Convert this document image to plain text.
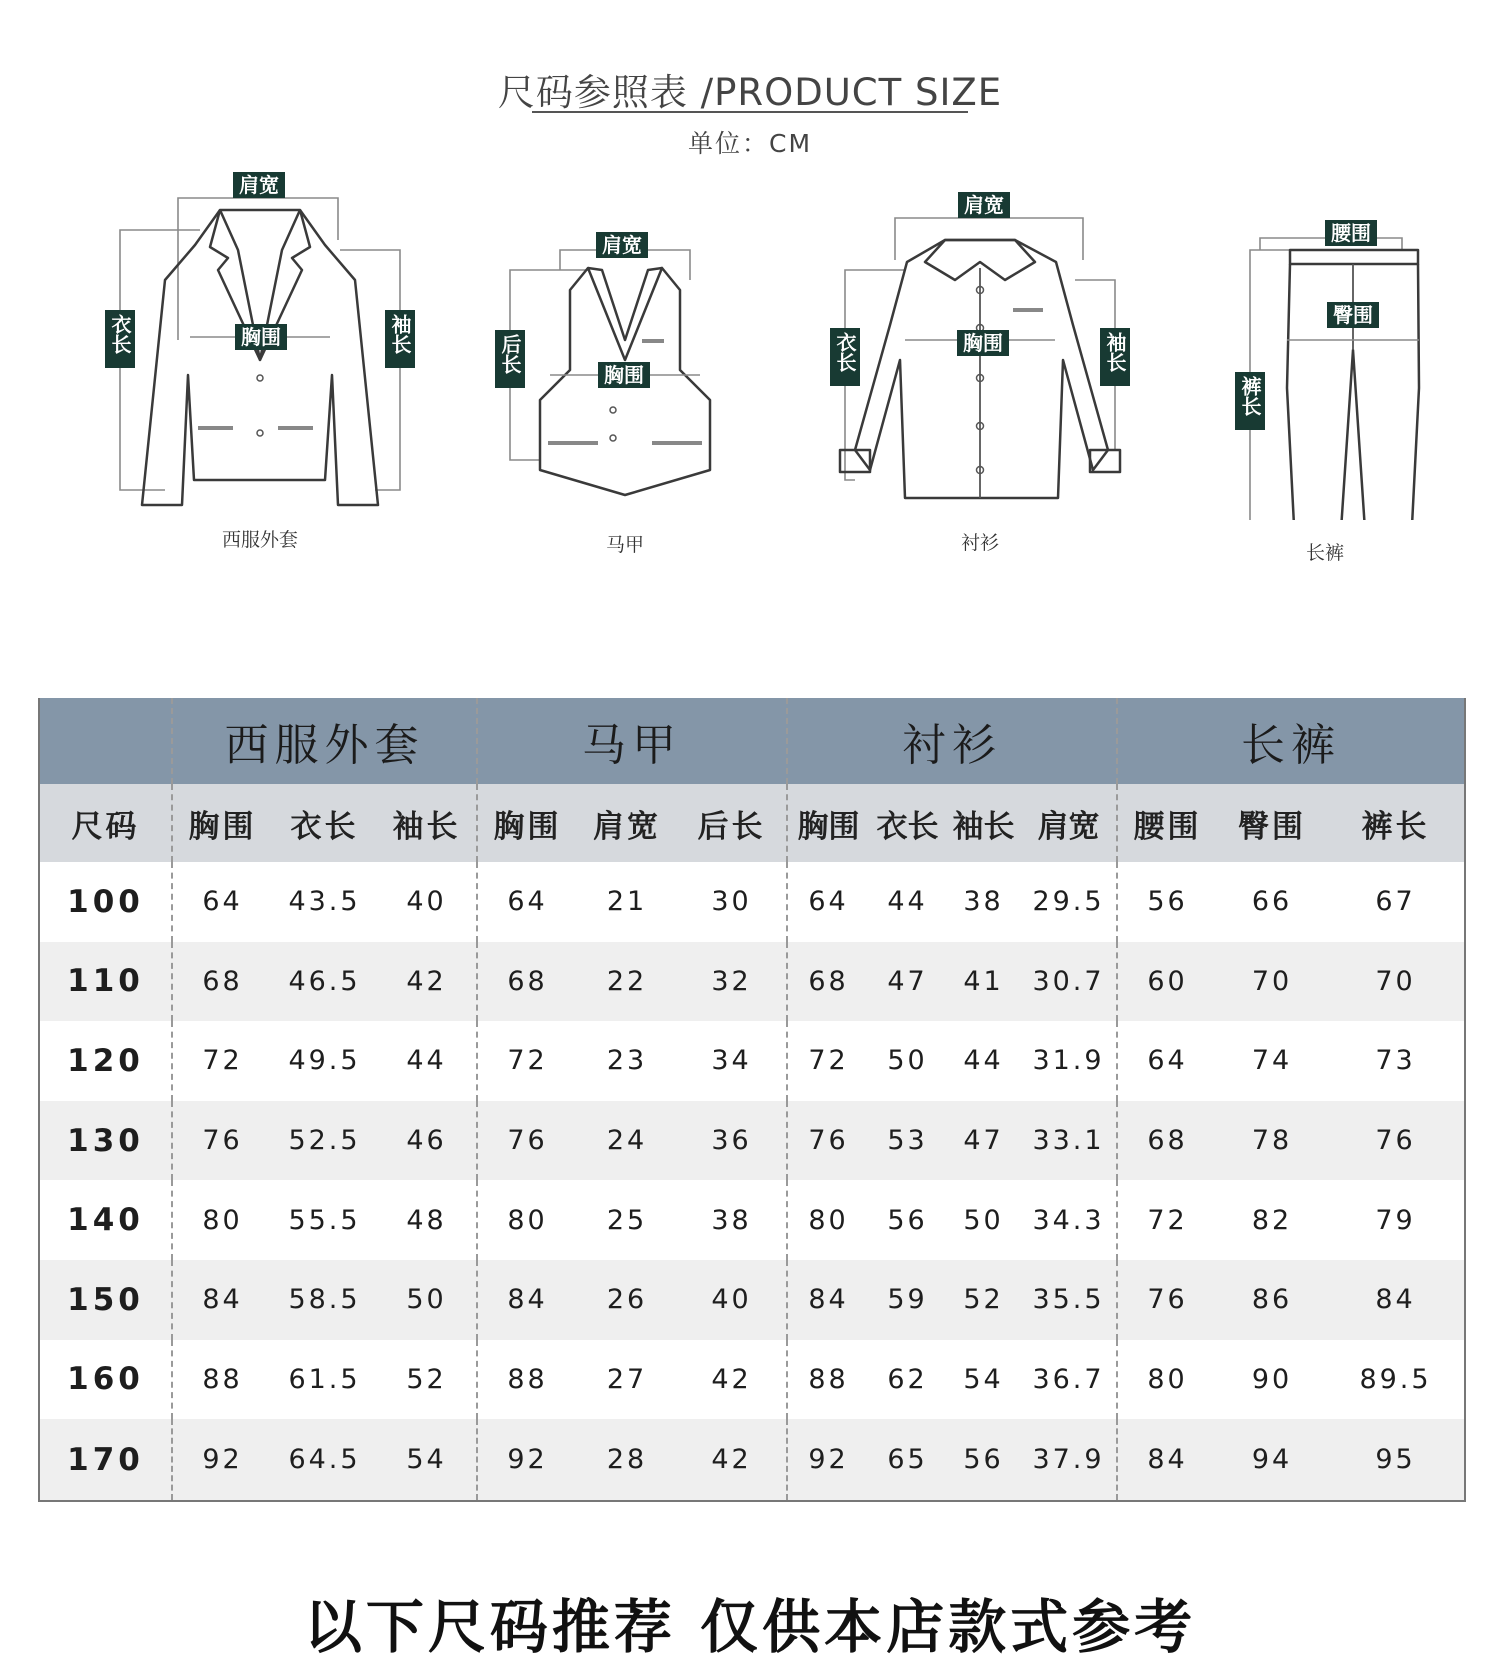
尺码参照表 /PRODUCT SIZE
单位：CM
肩宽
胸围
衣长	袖长
西服外套
肩宽
胸围
后长
马甲
肩宽
胸围
衣长	袖长
衬衫
腰围
臀围
裤长
长裤
	西服外套			马甲			衬衫				长裤		
尺码	胸围	衣长	袖长	胸围	肩宽	后长	胸围	衣长	袖长	肩宽	腰围	臀围	裤长
100	64	43.5	40	64	21	30	64	44	38	29.5	56	66	67
110	68	46.5	42	68	22	32	68	47	41	30.7	60	70	70
120	72	49.5	44	72	23	34	72	50	44	31.9	64	74	73
130	76	52.5	46	76	24	36	76	53	47	33.1	68	78	76
140	80	55.5	48	80	25	38	80	56	50	34.3	72	82	79
150	84	58.5	50	84	26	40	84	59	52	35.5	76	86	84
160	88	61.5	52	88	27	42	88	62	54	36.7	80	90	89.5
170	92	64.5	54	92	28	42	92	65	56	37.9	84	94	95
以下尺码推荐 仅供本店款式参考
